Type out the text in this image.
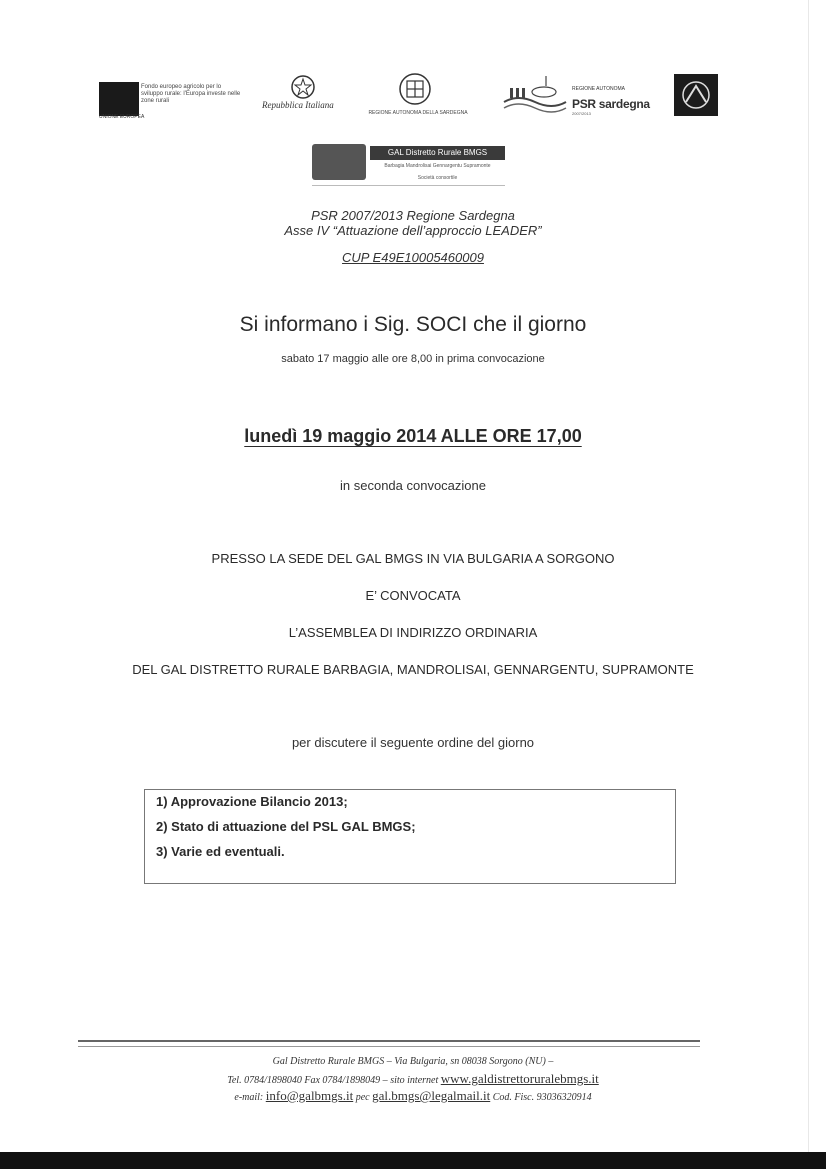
Fondo europeo agricolo per lo sviluppo rurale: l'Europa investe nelle zone rurali
UNIONE EUROPEA
Repubblica Italiana
REGIONE AUTONOMA DELLA SARDEGNA
REGIONE AUTONOMA
PSR sardegna
2007/2013
GAL Distretto Rurale BMGS
Barbagia Mandrolisai Gennargentu Supramonte
Società consortile
PSR 2007/2013 Regione Sardegna
Asse IV “Attuazione dell’approccio LEADER”
CUP E49E10005460009
Si informano i Sig. SOCI che il giorno
sabato 17 maggio alle ore 8,00 in prima convocazione
lunedì 19 maggio 2014 ALLE ORE 17,00
in seconda convocazione
PRESSO LA SEDE DEL GAL BMGS IN VIA BULGARIA A SORGONO
E’ CONVOCATA
L’ASSEMBLEA DI INDIRIZZO ORDINARIA
DEL GAL DISTRETTO RURALE BARBAGIA, MANDROLISAI, GENNARGENTU, SUPRAMONTE
per discutere il seguente ordine del giorno
1) Approvazione Bilancio 2013;
2) Stato di attuazione del PSL GAL BMGS;
3) Varie ed eventuali.
Gal Distretto Rurale BMGS – Via Bulgaria, sn 08038 Sorgono (NU) –
Tel. 0784/1898040 Fax 0784/1898049 – sito internet www.galdistrettoruralebmgs.it
e-mail: info@galbmgs.it pec gal.bmgs@legalmail.it Cod. Fisc. 93036320914
